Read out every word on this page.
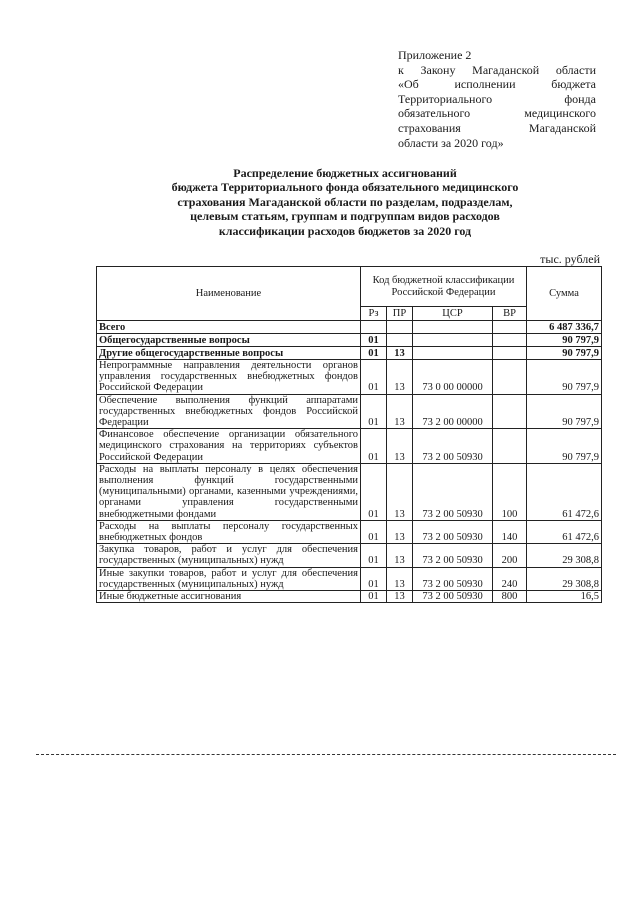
Приложение 2
к Закону Магаданской области
«Об исполнении бюджета
Территориального фонда
обязательного медицинского
страхования Магаданской
области за 2020 год»
Распределение бюджетных ассигнований
бюджета Территориального фонда обязательного медицинского
страхования Магаданской области по разделам, подразделам,
целевым статьям, группам и подгруппам видов расходов
классификации расходов бюджетов за 2020 год
тыс. рублей
Наименование	Код бюджетной классификации Российской Федерации				Сумма
	Рз	ПР	ЦСР	ВР	
Всего					6 487 336,7
Общегосударственные вопросы	01				90 797,9
Другие общегосударственные вопросы	01	13			90 797,9
Непрограммные направления деятельности органов управления государственных внебюджетных фондов Российской Федерации	01	13	73 0 00 00000		90 797,9
Обеспечение выполнения функций аппаратами государственных внебюджетных фондов Российской Федерации	01	13	73 2 00 00000		90 797,9
Финансовое обеспечение организации обязательного медицинского страхования на территориях субъектов Российской Федерации	01	13	73 2 00 50930		90 797,9
Расходы на выплаты персоналу в целях обеспечения выполнения функций государственными (муниципальными) органами, казенными учреждениями, органами управления государственными внебюджетными фондами	01	13	73 2 00 50930	100	61 472,6
Расходы на выплаты персоналу государственных внебюджетных фондов	01	13	73 2 00 50930	140	61 472,6
Закупка товаров, работ и услуг для обеспечения государственных (муниципальных) нужд	01	13	73 2 00 50930	200	29 308,8
Иные закупки товаров, работ и услуг для обеспечения государственных (муниципальных) нужд	01	13	73 2 00 50930	240	29 308,8
Иные бюджетные ассигнования	01	13	73 2 00 50930	800	16,5
